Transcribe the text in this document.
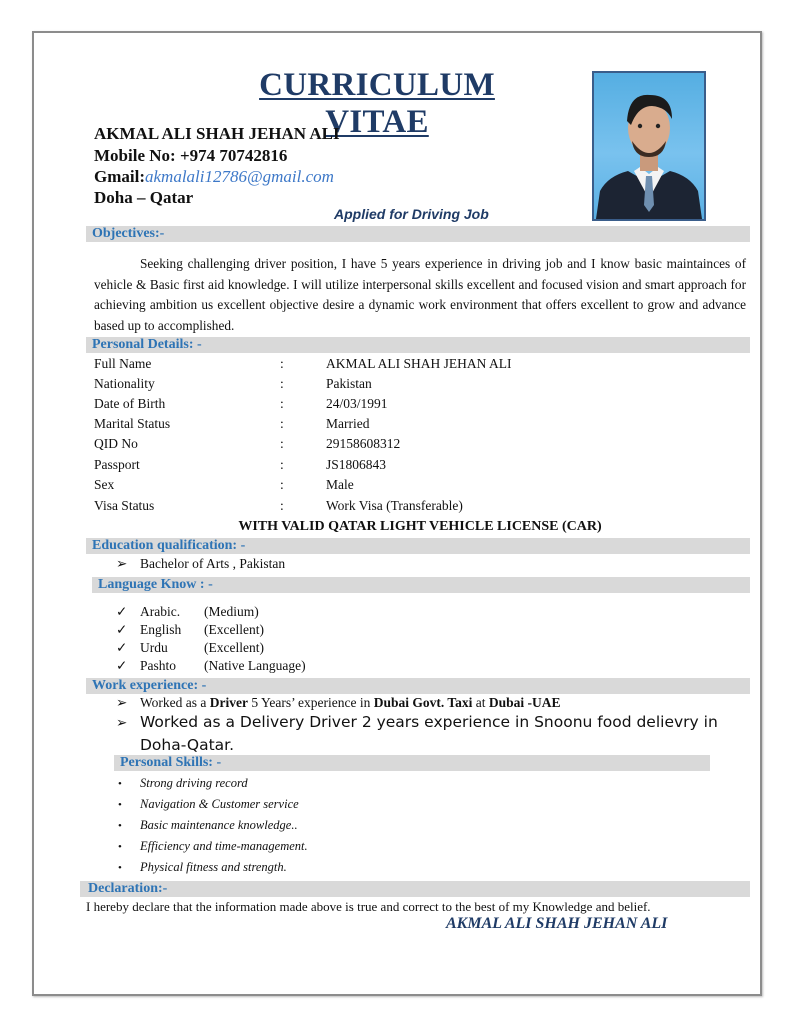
CURRICULUM VITAE
AKMAL ALI SHAH JEHAN ALI
Mobile No: +974 70742816
Gmail:akmalali12786@gmail.com
Doha – Qatar
Applied for Driving Job
Objectives:-
Seeking challenging driver position, I have 5 years experience in driving job and I know basic maintainces of vehicle & Basic first aid knowledge. I will utilize interpersonal skills excellent and focused vision and smart approach for achieving ambition us excellent objective desire a dynamic work environment that offers excellent to grow and advance based up to accomplished.
Personal Details: -
Full Name	:	AKMAL ALI SHAH JEHAN ALI
Nationality	:	Pakistan
Date of Birth	:	24/03/1991
Marital Status	:	Married
QID No	:	29158608312
Passport	:	JS1806843
Sex	:	Male
Visa Status	:	Work Visa (Transferable)
WITH VALID QATAR LIGHT VEHICLE LICENSE (CAR)
Education qualification: -
➢ Bachelor of Arts , Pakistan
Language Know : -
✓ Arabic. (Medium)
✓ English (Excellent)
✓ Urdu	(Excellent)
✓ Pashto (Native Language)
Work experience: -
➢ Worked as a Driver 5 Years’ experience in Dubai Govt. Taxi at Dubai -UAE
➢ Worked as a Delivery Driver 2 years experience in Snoonu food delievry in
Doha-Qatar.
Personal Skills: -
• Strong driving record
• Navigation & Customer service
• Basic maintenance knowledge..
• Efficiency and time-management.
• Physical fitness and strength.
Declaration:-
I hereby declare that the information made above is true and correct to the best of my Knowledge and belief.
AKMAL ALI SHAH JEHAN ALI
